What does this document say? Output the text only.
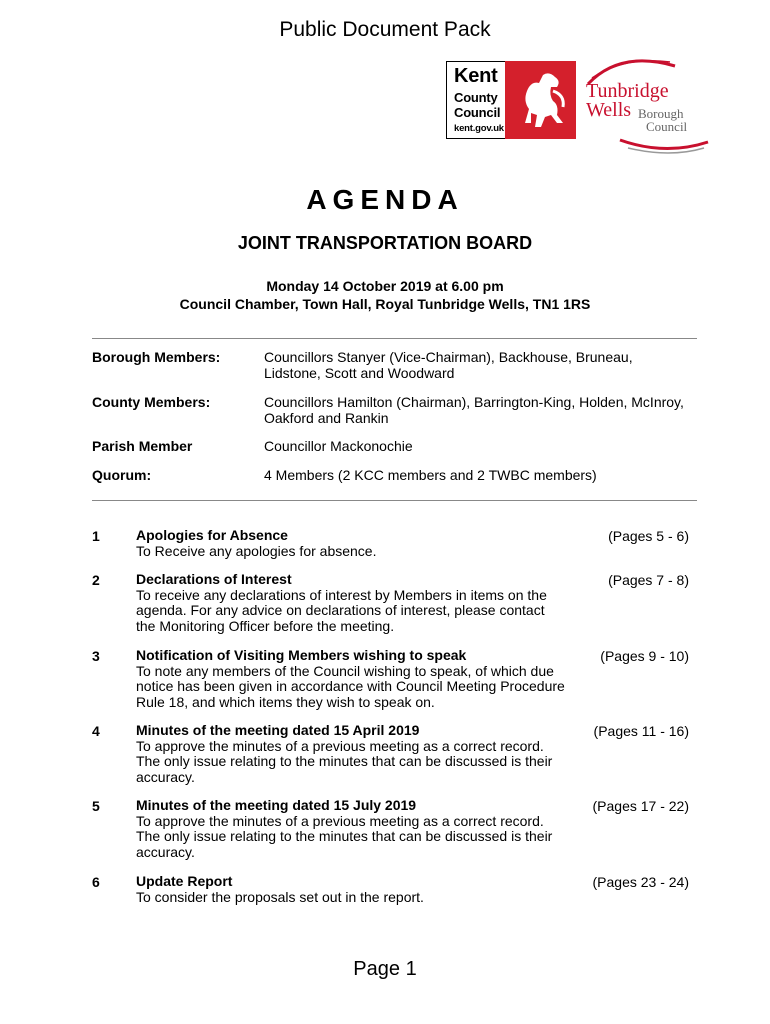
Public Document Pack
Kent
County
Council
kent.gov.uk
Tunbridge
Wells Borough
Council
AGENDA
JOINT TRANSPORTATION BOARD
Monday 14 October 2019 at 6.00 pm
Council Chamber, Town Hall, Royal Tunbridge Wells, TN1 1RS
Borough Members:	Councillors Stanyer (Vice-Chairman), Backhouse, Bruneau, Lidstone, Scott and Woodward
County Members:	Councillors Hamilton (Chairman), Barrington-King, Holden, McInroy, Oakford and Rankin
Parish Member	Councillor Mackonochie
Quorum:	4 Members (2 KCC members and 2 TWBC members)
1	Apologies for Absence
To Receive any apologies for absence.
(Pages 5 - 6)
2	Declarations of Interest
To receive any declarations of interest by Members in items on the agenda. For any advice on declarations of interest, please contact the Monitoring Officer before the meeting.
(Pages 7 - 8)
3	Notification of Visiting Members wishing to speak
To note any members of the Council wishing to speak, of which due notice has been given in accordance with Council Meeting Procedure Rule 18, and which items they wish to speak on.
(Pages 9 - 10)
4	Minutes of the meeting dated 15 April 2019
To approve the minutes of a previous meeting as a correct record. The only issue relating to the minutes that can be discussed is their accuracy.
(Pages 11 - 16)
5	Minutes of the meeting dated 15 July 2019
To approve the minutes of a previous meeting as a correct record. The only issue relating to the minutes that can be discussed is their accuracy.
(Pages 17 - 22)
6	Update Report
To consider the proposals set out in the report.
(Pages 23 - 24)
Page 1
